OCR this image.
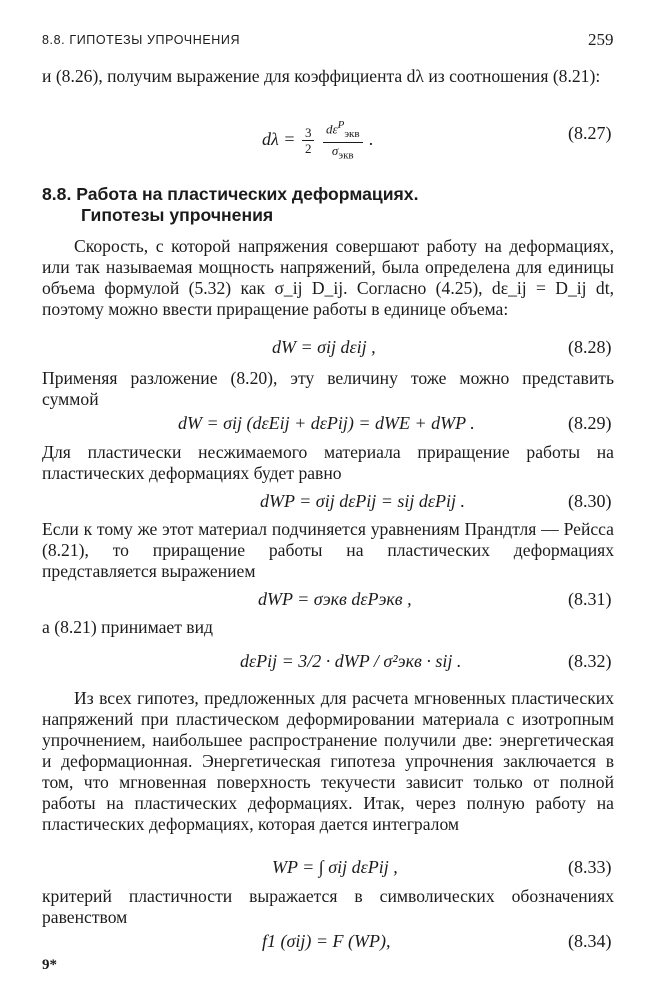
8.8. ГИПОТЕЗЫ УПРОЧНЕНИЯ	259
и (8.26), получим выражение для коэффициента dλ из соотношения (8.21):
$d\lambda = \frac{3}{2}$
$\frac{d\varepsilon^P_{экв}}{\sigma_{экв}}$ .	(8.27)
8.8. Работа на пластических деформациях.
Гипотезы упрочнения
Скорость, с которой напряжения совершают работу на деформациях, или так называемая мощность напряжений, была определена для единицы объема формулой (5.32) как σ_ij D_ij. Согласно (4.25), dε_ij = D_ij dt, поэтому можно ввести приращение работы в единице объема:
dW = σij dεij ,	(8.28)
Применяя разложение (8.20), эту величину тоже можно представить суммой
dW = σij (dεEij + dεPij) = dWE + dWP .	(8.29)
Для пластически несжимаемого материала приращение работы на пластических деформациях будет равно
dWP = σij dεPij = sij dεPij .	(8.30)
Если к тому же этот материал подчиняется уравнениям Прандтля — Рейсса (8.21), то приращение работы на пластических деформациях представляется выражением
dWP = σэкв dεPэкв ,	(8.31)
а (8.21) принимает вид
dεPij = 3/2 · dWP / σ²экв · sij .	(8.32)
Из всех гипотез, предложенных для расчета мгновенных пластических напряжений при пластическом деформировании материала с изотропным упрочнением, наибольшее распространение получили две: энергетическая и деформационная. Энергетическая гипотеза упрочнения заключается в том, что мгновенная поверхность текучести зависит только от полной работы на пластических деформациях. Итак, через полную работу на пластических деформациях, которая дается интегралом
WP = ∫ σij dεPij ,	(8.33)
критерий пластичности выражается в символических обозначениях равенством
f1 (σij) = F (WP),	(8.34)
9*
